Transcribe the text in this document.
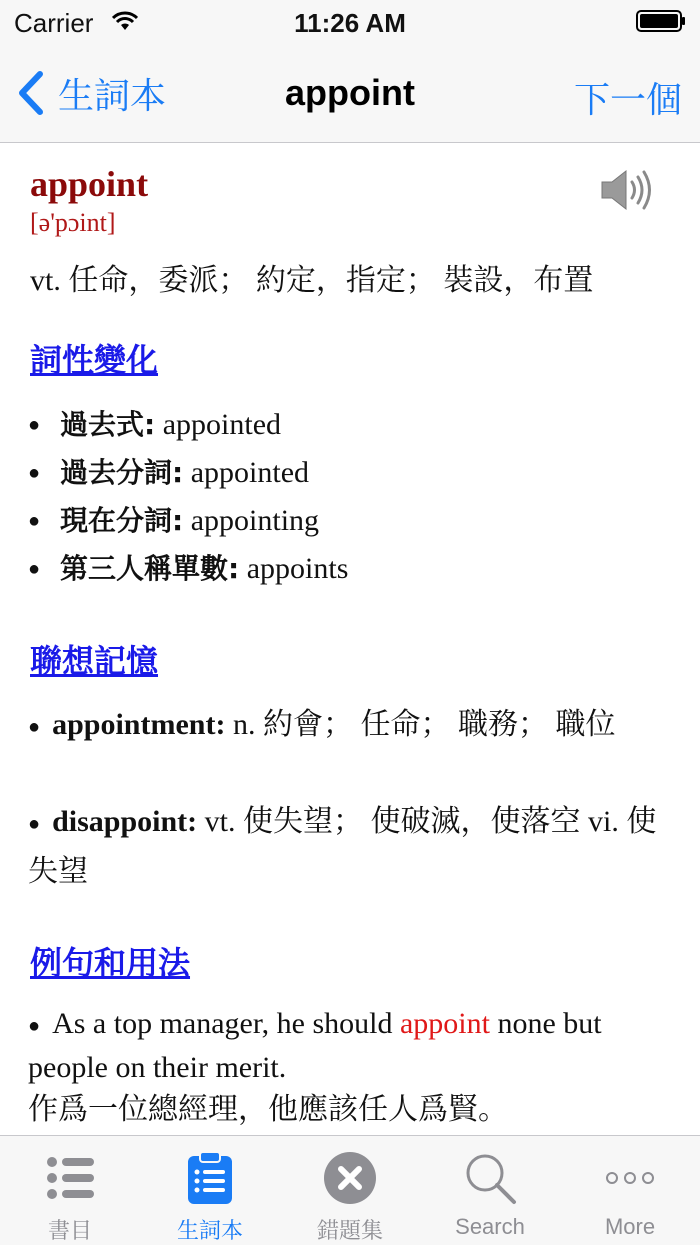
Carrier	11:26 AM
生詞本	appoint	下一個
appoint
[ə'pɔint]
vt. 任命，委派； 約定，指定； 裝設，布置
詞性變化
● 過去式: appointed
● 過去分詞: appointed
● 現在分詞: appointing
● 第三人稱單數: appoints
聯想記憶
● appointment: n. 約會； 任命； 職務； 職位
● disappoint: vt. 使失望； 使破滅，使落空 vi. 使失望
例句和用法
● As a top manager, he should appoint none but people on their merit.
作爲一位總經理，他應該任人爲賢。
書目	生詞本	錯題集	Search	More
